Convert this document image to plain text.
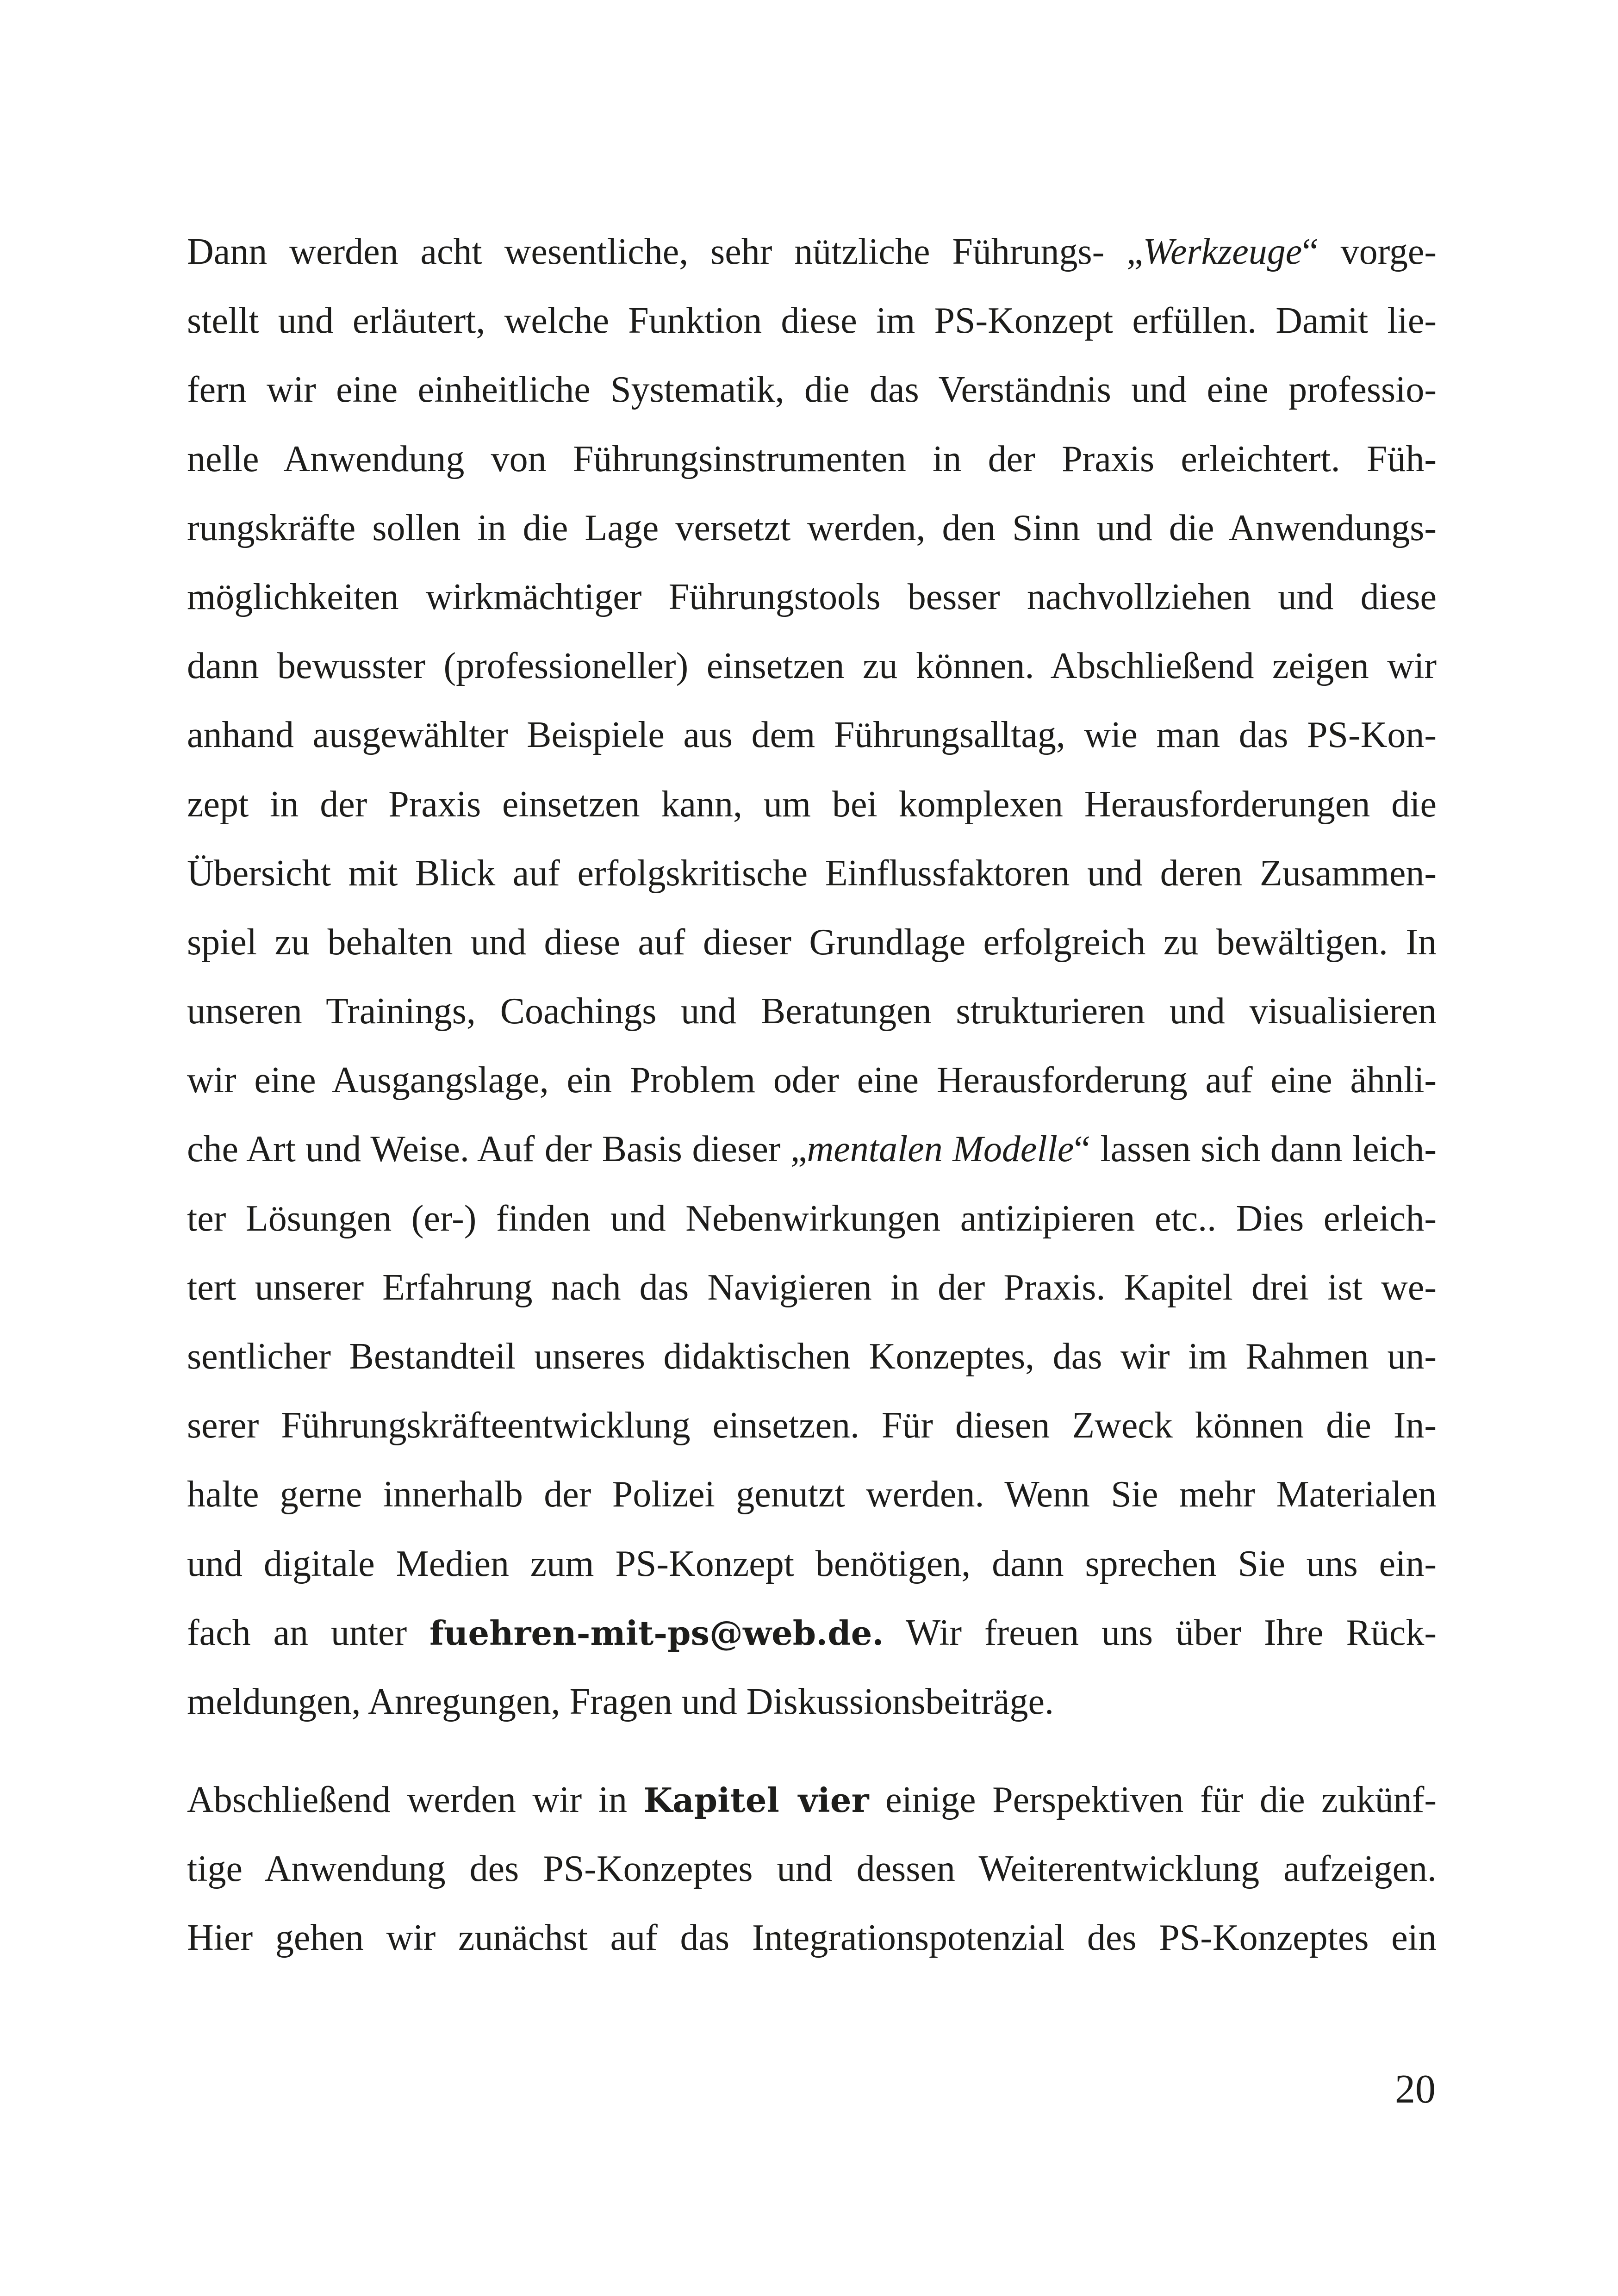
Dann werden acht wesentliche, sehr nützliche Führungs- „Werkzeuge“ vorge-
stellt und erläutert, welche Funktion diese im PS-Konzept erfüllen. Damit lie-
fern wir eine einheitliche Systematik, die das Verständnis und eine professio-
nelle Anwendung von Führungsinstrumenten in der Praxis erleichtert. Füh-
rungskräfte sollen in die Lage versetzt werden, den Sinn und die Anwendungs-
möglichkeiten wirkmächtiger Führungstools besser nachvollziehen und diese
dann bewusster (professioneller) einsetzen zu können. Abschließend zeigen wir
anhand ausgewählter Beispiele aus dem Führungsalltag, wie man das PS-Kon-
zept in der Praxis einsetzen kann, um bei komplexen Herausforderungen die
Übersicht mit Blick auf erfolgskritische Einflussfaktoren und deren Zusammen-
spiel zu behalten und diese auf dieser Grundlage erfolgreich zu bewältigen. In
unseren Trainings, Coachings und Beratungen strukturieren und visualisieren
wir eine Ausgangslage, ein Problem oder eine Herausforderung auf eine ähnli-
che Art und Weise. Auf der Basis dieser „mentalen Modelle“ lassen sich dann leich-
ter Lösungen (er-) finden und Nebenwirkungen antizipieren etc.. Dies erleich-
tert unserer Erfahrung nach das Navigieren in der Praxis. Kapitel drei ist we-
sentlicher Bestandteil unseres didaktischen Konzeptes, das wir im Rahmen un-
serer Führungskräfteentwicklung einsetzen. Für diesen Zweck können die In-
halte gerne innerhalb der Polizei genutzt werden. Wenn Sie mehr Materialen
und digitale Medien zum PS-Konzept benötigen, dann sprechen Sie uns ein-
fach an unter fuehren-mit-ps@web.de. Wir freuen uns über Ihre Rück-
meldungen, Anregungen, Fragen und Diskussionsbeiträge.
Abschließend werden wir in Kapitel vier einige Perspektiven für die zukünf-
tige Anwendung des PS-Konzeptes und dessen Weiterentwicklung aufzeigen.
Hier gehen wir zunächst auf das Integrationspotenzial des PS-Konzeptes ein
20
